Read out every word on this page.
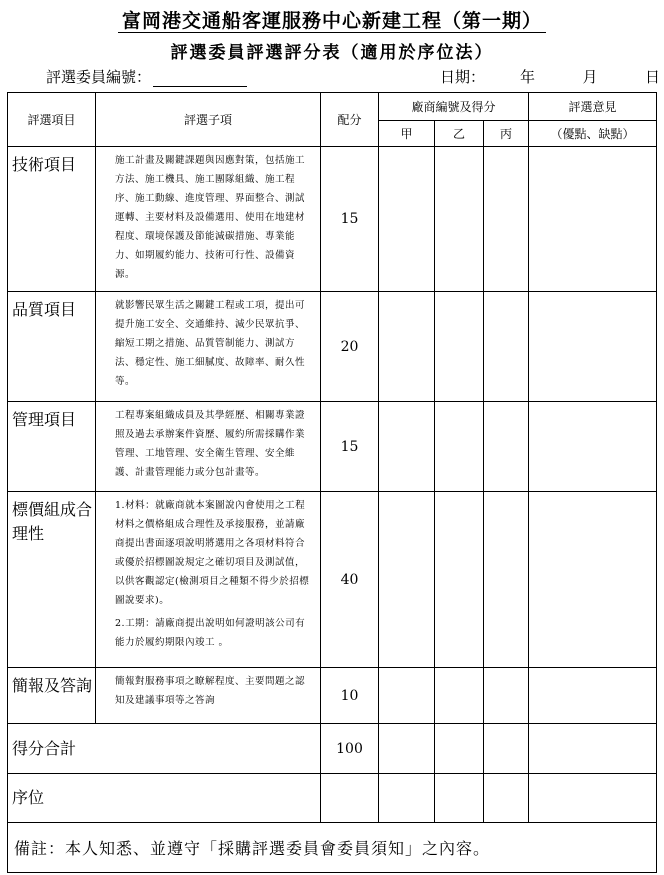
富岡港交通船客運服務中心新建工程（第一期）
評選委員評選評分表（適用於序位法）
評選委員編號：	日期： 年	月	日
評選項目	評選子項	配分	廠商編號及得分			評選意見
			甲	乙	丙	（優點、缺點）
技術項目	施工計畫及關鍵課題與因應對策，包括施工方法、施工機具、施工團隊組織、施工程序、施工動線、進度管理、界面整合、測試 運轉、主要材料及設備選用、使用在地建材程度、環境保護及節能減碳措施、專業能力、如期履約能力、技術可行性、設備資源。	15				
品質項目	就影響民眾生活之關鍵工程或工項，提出可提升施工安全、交通維持、減少民眾抗爭、縮短工期之措施、品質管制能力、測試方法、穩定性、施工細膩度、故障率、耐久性等。	20				
管理項目	工程專案組織成員及其學經歷、相關專業證照及過去承辦案件資歷、履約所需採購作業管理、工地管理、安全衛生管理、安全維護、計畫管理能力或分包計畫等。	15				
標價組成合理性	1.材料：就廠商就本案圖說內會使用之工程材料之價格組成合理性及承接服務，並請廠商提出書面逐項說明將選用之各項材料符合或優於招標圖說規定之確切項目及測試值，以供客觀認定(檢測項目之種類不得少於招標圖說要求)。

2.工期：請廠商提出說明如何證明該公司有能力於履約期限內竣工 。	40				
簡報及答詢	簡報對服務事項之瞭解程度、主要問題之認知及建議事項等之答詢	10				
得分合計		100				
序位						
備註：本人知悉、並遵守「採購評選委員會委員須知」之內容。						
